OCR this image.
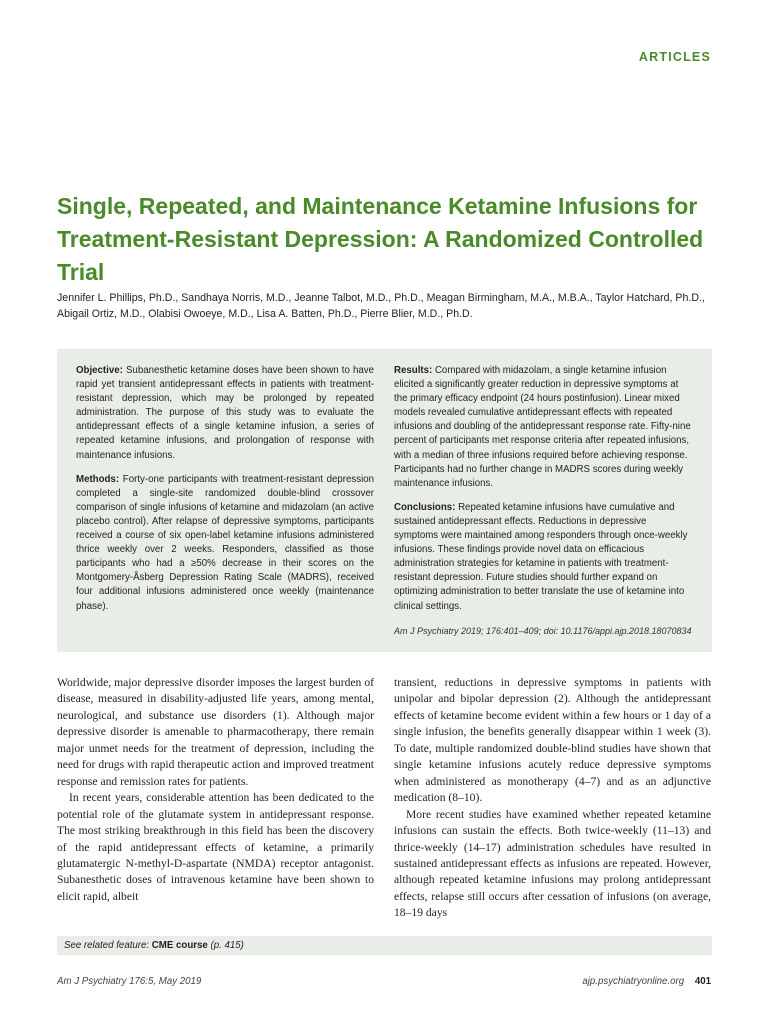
ARTICLES
Single, Repeated, and Maintenance Ketamine Infusions for Treatment-Resistant Depression: A Randomized Controlled Trial

Jennifer L. Phillips, Ph.D., Sandhaya Norris, M.D., Jeanne Talbot, M.D., Ph.D., Meagan Birmingham, M.A., M.B.A., Taylor Hatchard, Ph.D., Abigail Ortiz, M.D., Olabisi Owoeye, M.D., Lisa A. Batten, Ph.D., Pierre Blier, M.D., Ph.D.

Objective: Subanesthetic ketamine doses have been shown to have rapid yet transient antidepressant effects in patients with treatment-resistant depression, which may be prolonged by repeated administration. The purpose of this study was to evaluate the antidepressant effects of a single ketamine infusion, a series of repeated ketamine infusions, and prolongation of response with maintenance infusions.

Methods: Forty-one participants with treatment-resistant depression completed a single-site randomized double-blind crossover comparison of single infusions of ketamine and midazolam (an active placebo control). After relapse of depressive symptoms, participants received a course of six open-label ketamine infusions administered thrice weekly over 2 weeks. Responders, classified as those participants who had a ≥50% decrease in their scores on the Montgomery-Åsberg Depression Rating Scale (MADRS), received four additional infusions administered once weekly (maintenance phase).

Results: Compared with midazolam, a single ketamine infusion elicited a significantly greater reduction in depressive symptoms at the primary efficacy endpoint (24 hours postinfusion). Linear mixed models revealed cumulative antidepressant effects with repeated infusions and doubling of the antidepressant response rate. Fifty-nine percent of participants met response criteria after repeated infusions, with a median of three infusions required before achieving response. Participants had no further change in MADRS scores during weekly maintenance infusions.

Conclusions: Repeated ketamine infusions have cumulative and sustained antidepressant effects. Reductions in depressive symptoms were maintained among responders through once-weekly infusions. These findings provide novel data on efficacious administration strategies for ketamine in patients with treatment-resistant depression. Future studies should further expand on optimizing administration to better translate the use of ketamine into clinical settings.

Am J Psychiatry 2019; 176:401–409; doi: 10.1176/appi.ajp.2018.18070834

Worldwide, major depressive disorder imposes the largest burden of disease, measured in disability-adjusted life years, among mental, neurological, and substance use disorders (1). Although major depressive disorder is amenable to pharmacotherapy, there remain major unmet needs for the treatment of depression, including the need for drugs with rapid therapeutic action and improved treatment response and remission rates for patients.

In recent years, considerable attention has been dedicated to the potential role of the glutamate system in antidepressant response. The most striking breakthrough in this field has been the discovery of the rapid antidepressant effects of ketamine, a primarily glutamatergic N-methyl-D-aspartate (NMDA) receptor antagonist. Subanesthetic doses of intravenous ketamine have been shown to elicit rapid, albeit

transient, reductions in depressive symptoms in patients with unipolar and bipolar depression (2). Although the antidepressant effects of ketamine become evident within a few hours or 1 day of a single infusion, the benefits generally disappear within 1 week (3). To date, multiple randomized double-blind studies have shown that single ketamine infusions acutely reduce depressive symptoms when administered as monotherapy (4–7) and as an adjunctive medication (8–10).

More recent studies have examined whether repeated ketamine infusions can sustain the effects. Both twice-weekly (11–13) and thrice-weekly (14–17) administration schedules have resulted in sustained antidepressant effects as infusions are repeated. However, although repeated ketamine infusions may prolong antidepressant effects, relapse still occurs after cessation of infusions (on average, 18–19 days

See related feature: CME course (p. 415)
Am J Psychiatry 176:5, May 2019	ajp.psychiatryonline.org 401
